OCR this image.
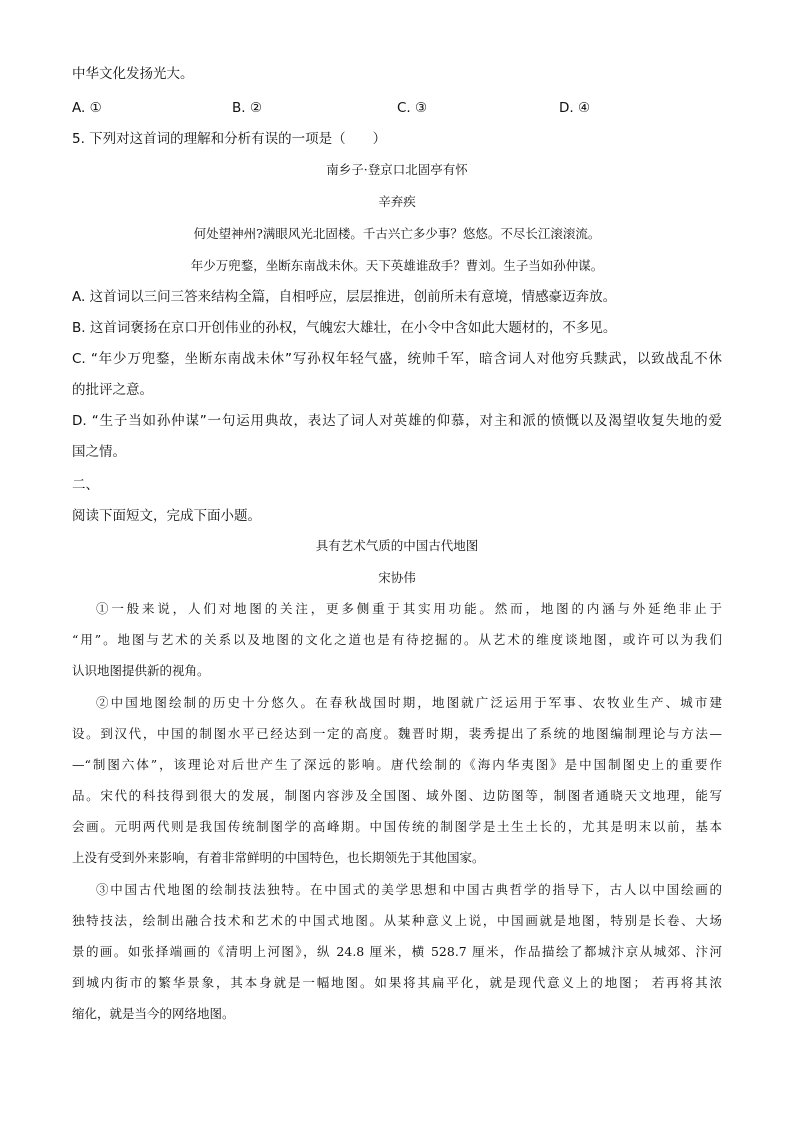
中华文化发扬光大。
A. ①	B. ②	C. ③	D. ④
5. 下列对这首词的理解和分析有误的一项是（　　）
南乡子·登京口北固亭有怀
辛弃疾
何处望神州?满眼风光北固楼。千古兴亡多少事？悠悠。不尽长江滚滚流。
年少万兜鍪，坐断东南战未休。天下英雄谁敌手？曹刘。生子当如孙仲谋。
A. 这首词以三问三答来结构全篇，自相呼应，层层推进，创前所未有意境，情感豪迈奔放。
B. 这首词褒扬在京口开创伟业的孙权，气魄宏大雄壮，在小令中含如此大题材的，不多见。
C. “年少万兜鍪，坐断东南战未休”写孙权年轻气盛，统帅千军，暗含词人对他穷兵黩武，以致战乱不休
的批评之意。
D. “生子当如孙仲谋”一句运用典故，表达了词人对英雄的仰慕，对主和派的愤慨以及渴望收复失地的爱
国之情。
二、
阅读下面短文，完成下面小题。
具有艺术气质的中国古代地图
宋协伟
①一般来说，人们对地图的关注，更多侧重于其实用功能。然而，地图的内涵与外延绝非止于
“用”。地图与艺术的关系以及地图的文化之道也是有待挖掘的。从艺术的维度谈地图，或许可以为我们
认识地图提供新的视角。
②中国地图绘制的历史十分悠久。在春秋战国时期，地图就广泛运用于军事、农牧业生产、城市建
设。到汉代，中国的制图水平已经达到一定的高度。魏晋时期，裴秀提出了系统的地图编制理论与方法—
—“制图六体”，该理论对后世产生了深远的影响。唐代绘制的《海内华夷图》是中国制图史上的重要作
品。宋代的科技得到很大的发展，制图内容涉及全国图、域外图、边防图等，制图者通晓天文地理，能写
会画。元明两代则是我国传统制图学的高峰期。中国传统的制图学是土生土长的，尤其是明末以前，基本
上没有受到外来影响，有着非常鲜明的中国特色，也长期领先于其他国家。
③中国古代地图的绘制技法独特。在中国式的美学思想和中国古典哲学的指导下，古人以中国绘画的
独特技法，绘制出融合技术和艺术的中国式地图。从某种意义上说，中国画就是地图，特别是长卷、大场
景的画。如张择端画的《清明上河图》，纵 24.8 厘米，横 528.7 厘米，作品描绘了都城汴京从城郊、汴河
到城内街市的繁华景象，其本身就是一幅地图。如果将其扁平化，就是现代意义上的地图； 若再将其浓
缩化，就是当今的网络地图。
